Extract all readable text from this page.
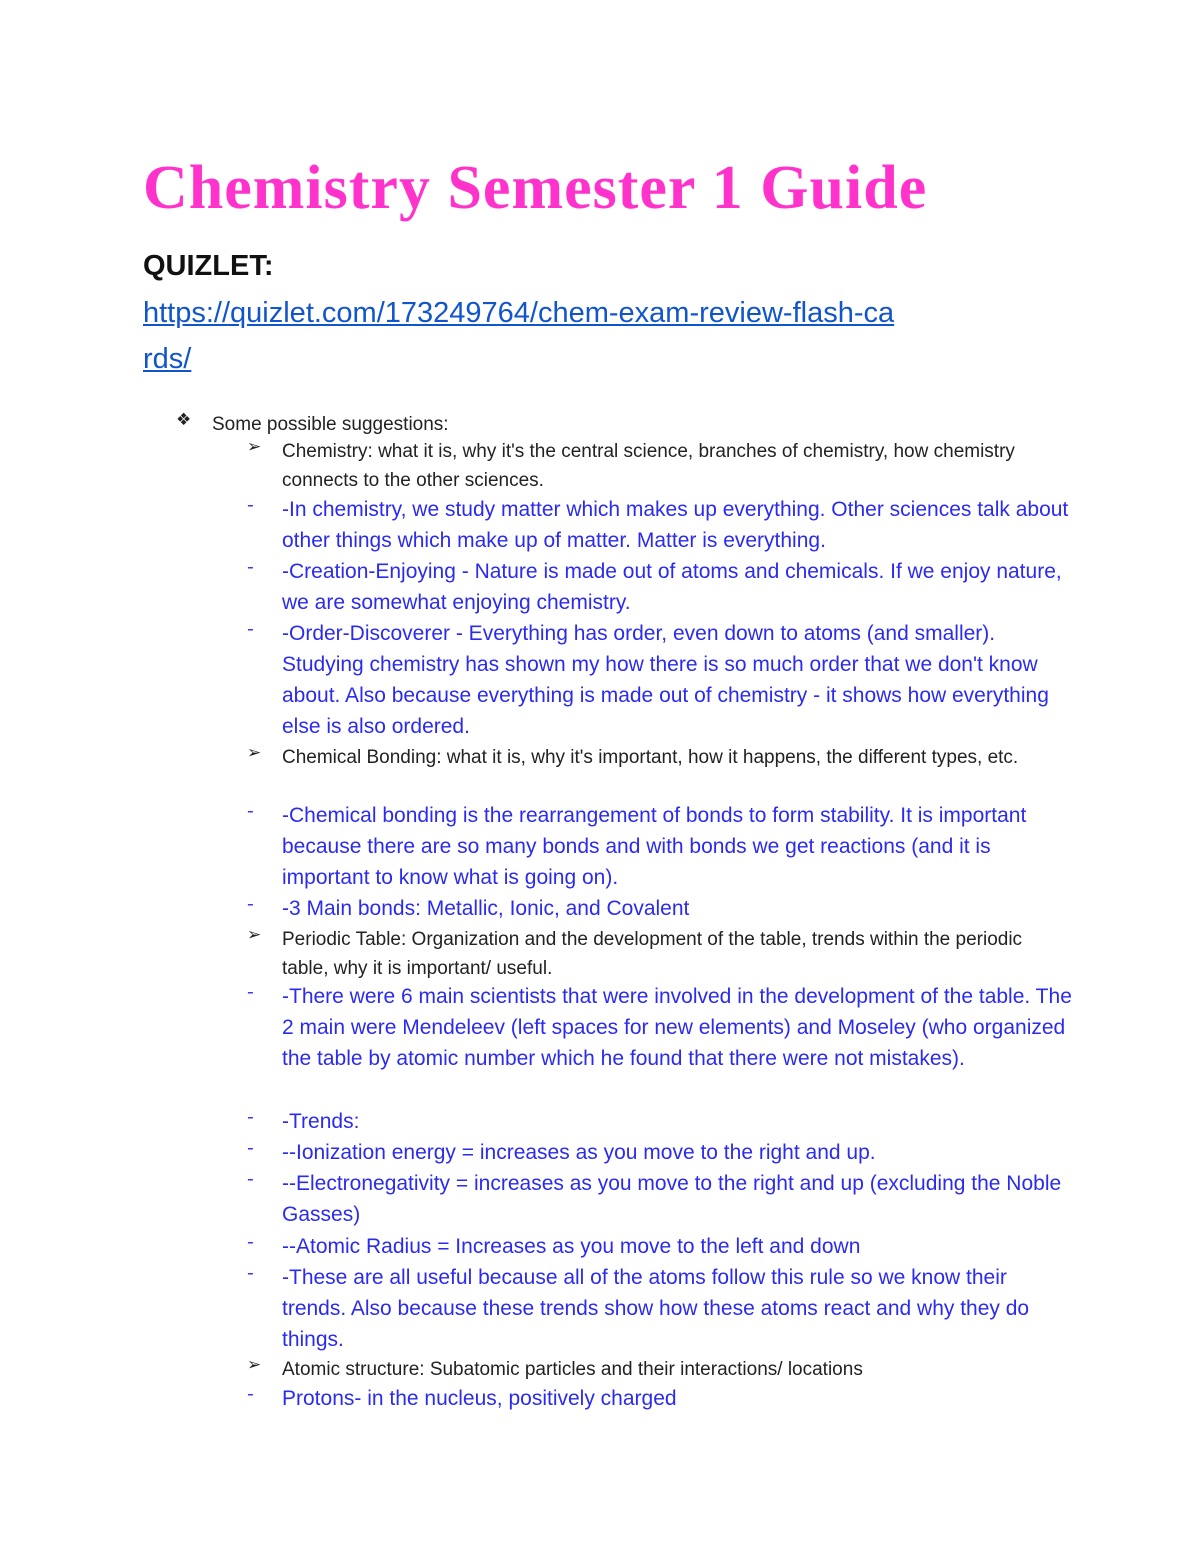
Chemistry Semester 1 Guide
QUIZLET:
https://quizlet.com/173249764/chem-exam-review-flash-ca
rds/
❖ Some possible suggestions:
➢ Chemistry: what it is, why it's the central science, branches of chemistry, how chemistry connects to the other sciences.
- -In chemistry, we study matter which makes up everything. Other sciences talk about other things which make up of matter. Matter is everything.
- -Creation-Enjoying - Nature is made out of atoms and chemicals. If we enjoy nature, we are somewhat enjoying chemistry.
- -Order-Discoverer - Everything has order, even down to atoms (and smaller). Studying chemistry has shown my how there is so much order that we don't know about. Also because everything is made out of chemistry - it shows how everything else is also ordered.
➢ Chemical Bonding: what it is, why it's important, how it happens, the different types, etc.
- -Chemical bonding is the rearrangement of bonds to form stability. It is important because there are so many bonds and with bonds we get reactions (and it is important to know what is going on).
- -3 Main bonds: Metallic, Ionic, and Covalent
➢ Periodic Table: Organization and the development of the table, trends within the periodic table, why it is important/ useful.
- -There were 6 main scientists that were involved in the development of the table. The 2 main were Mendeleev (left spaces for new elements) and Moseley (who organized the table by atomic number which he found that there were not mistakes).
- -Trends:
- --Ionization energy = increases as you move to the right and up.
- --Electronegativity = increases as you move to the right and up (excluding the Noble Gasses)
- --Atomic Radius = Increases as you move to the left and down
- -These are all useful because all of the atoms follow this rule so we know their trends. Also because these trends show how these atoms react and why they do things.
➢ Atomic structure: Subatomic particles and their interactions/ locations
- Protons- in the nucleus, positively charged
